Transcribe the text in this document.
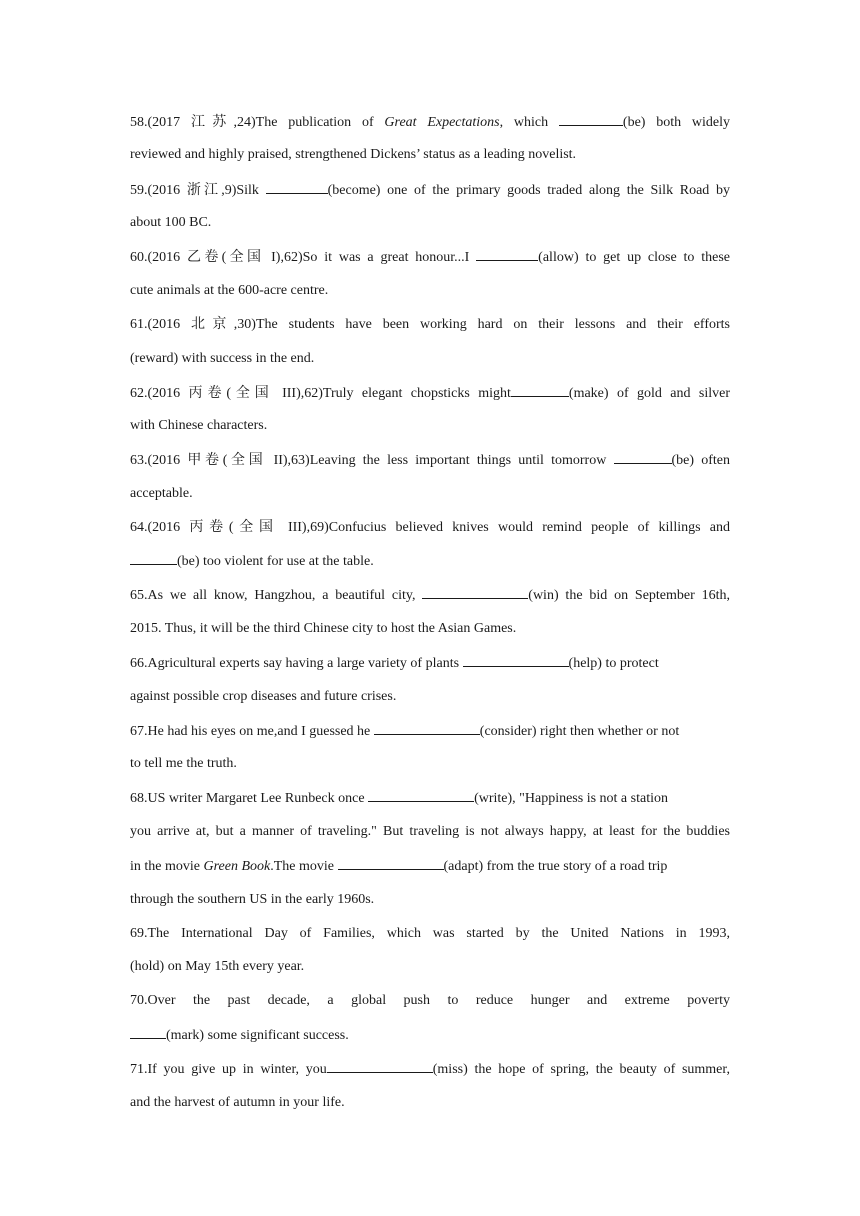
58.(2017 江苏,24)The publication of Great Expectations, which	(be) both widely
reviewed and highly praised, strengthened Dickens’ status as a leading novelist.
59.(2016 浙江,9)Silk	(become) one of the primary goods traded along the Silk Road by
about 100 BC.
60.(2016 乙卷(全国 I),62)So it was a great honour...I	(allow) to get up close to these
cute animals at the 600-acre centre.
61.(2016 北京,30)The students have been working hard on their lessons and their efforts
(reward) with success in the end.
62.(2016 丙卷(全国 III),62)Truly elegant chopsticks might	(make) of gold and silver
with Chinese characters.
63.(2016 甲卷(全国 II),63)Leaving the less important things until tomorrow	(be) often
acceptable.
64.(2016 丙卷(全国 III),69)Confucius believed knives would remind people of killings and
(be) too violent for use at the table.
65.As we all know, Hangzhou, a beautiful city,	(win) the bid on September 16th,
2015. Thus, it will be the third Chinese city to host the Asian Games.
66.Agricultural experts say having a large variety of plants	(help) to protect
against possible crop diseases and future crises.
67.He had his eyes on me,and I guessed he	(consider) right then whether or not
to tell me the truth.
68.US writer Margaret Lee Runbeck once	(write), "Happiness is not a station
you arrive at, but a manner of traveling." But traveling is not always happy, at least for the buddies
in the movie Green Book.The movie	(adapt) from the true story of a road trip
through the southern US in the early 1960s.
69.The International Day of Families, which was started by the United Nations in 1993,
(hold) on May 15th every year.
70.Over the past decade, a global push to reduce hunger and extreme poverty
(mark) some significant success.
71.If you give up in winter, you	(miss) the hope of spring, the beauty of summer,
and the harvest of autumn in your life.
